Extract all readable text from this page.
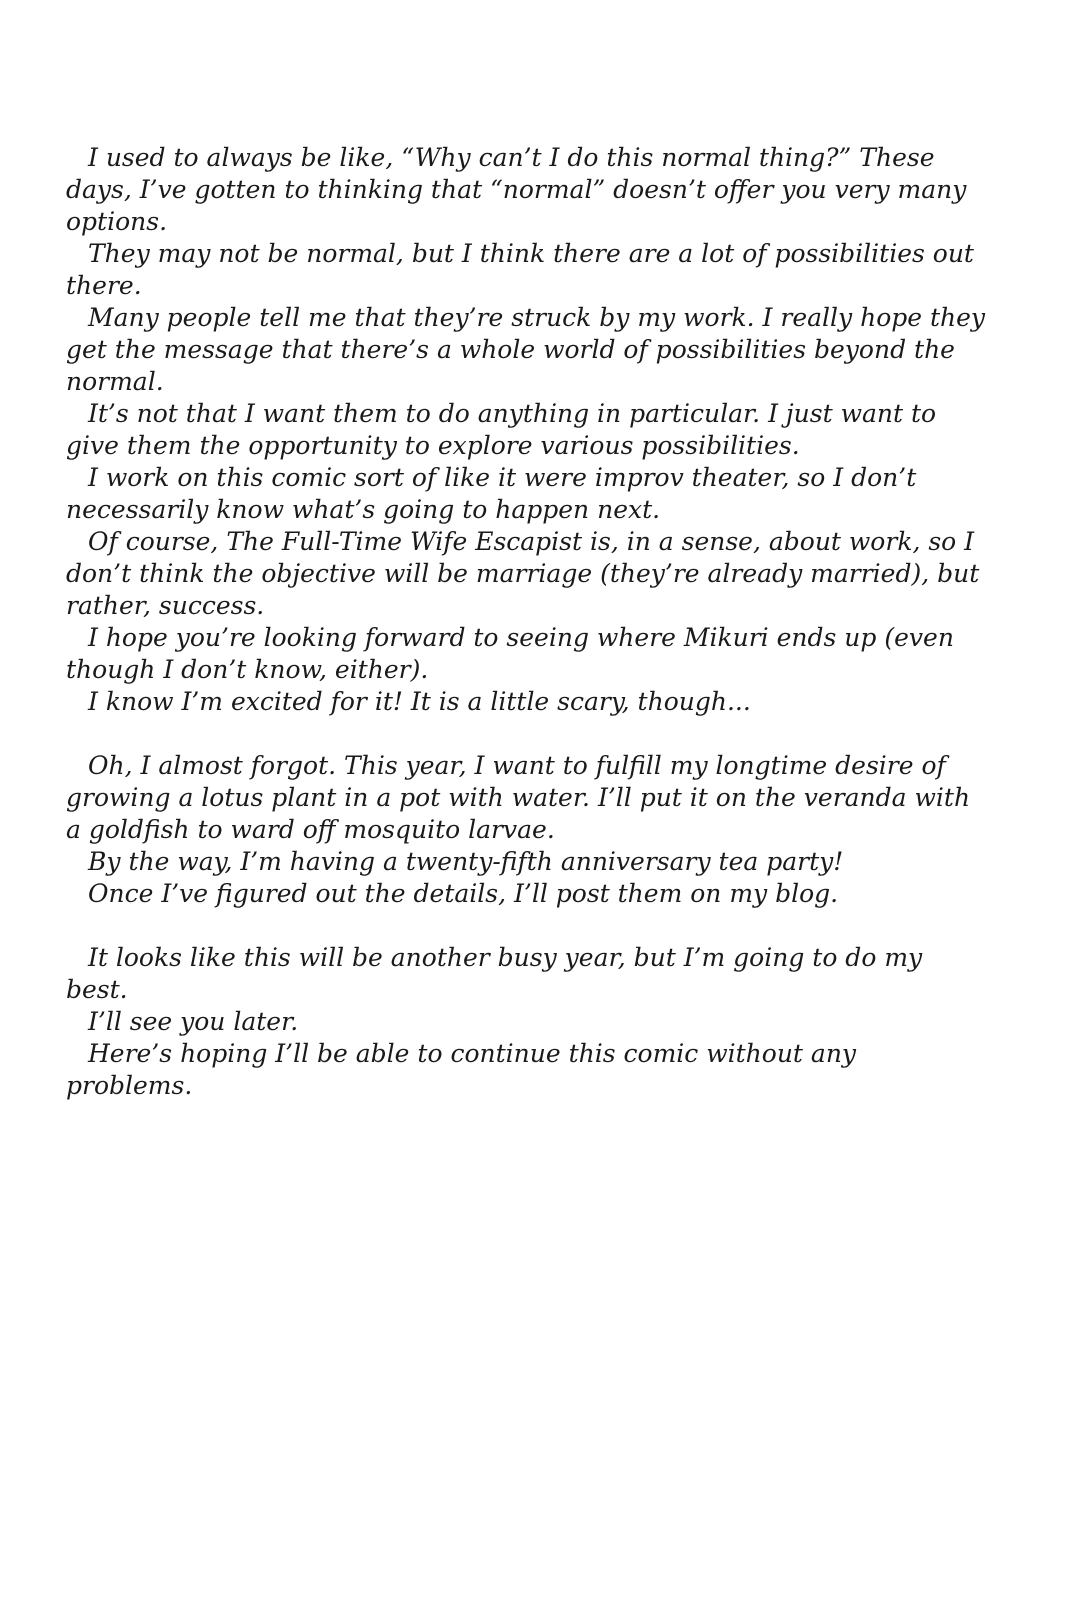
I used to always be like, “Why can’t I do this normal thing?” These days, I’ve gotten to thinking that “normal” doesn’t offer you very many options.

They may not be normal, but I think there are a lot of possibilities out there.

Many people tell me that they’re struck by my work. I really hope they get the message that there’s a whole world of possibilities beyond the normal.

It’s not that I want them to do anything in particular. I just want to give them the opportunity to explore various possibilities.

I work on this comic sort of like it were improv theater, so I don’t necessarily know what’s going to happen next.

Of course, The Full-Time Wife Escapist is, in a sense, about work, so I don’t think the objective will be marriage (they’re already married), but rather, success.

I hope you’re looking forward to seeing where Mikuri ends up (even though I don’t know, either).

I know I’m excited for it! It is a little scary, though...

Oh, I almost forgot. This year, I want to fulfill my longtime desire of growing a lotus plant in a pot with water. I’ll put it on the veranda with a goldfish to ward off mosquito larvae.

By the way, I’m having a twenty-fifth anniversary tea party!

Once I’ve figured out the details, I’ll post them on my blog.

It looks like this will be another busy year, but I’m going to do my best.

I’ll see you later.

Here’s hoping I’ll be able to continue this comic without any problems.
